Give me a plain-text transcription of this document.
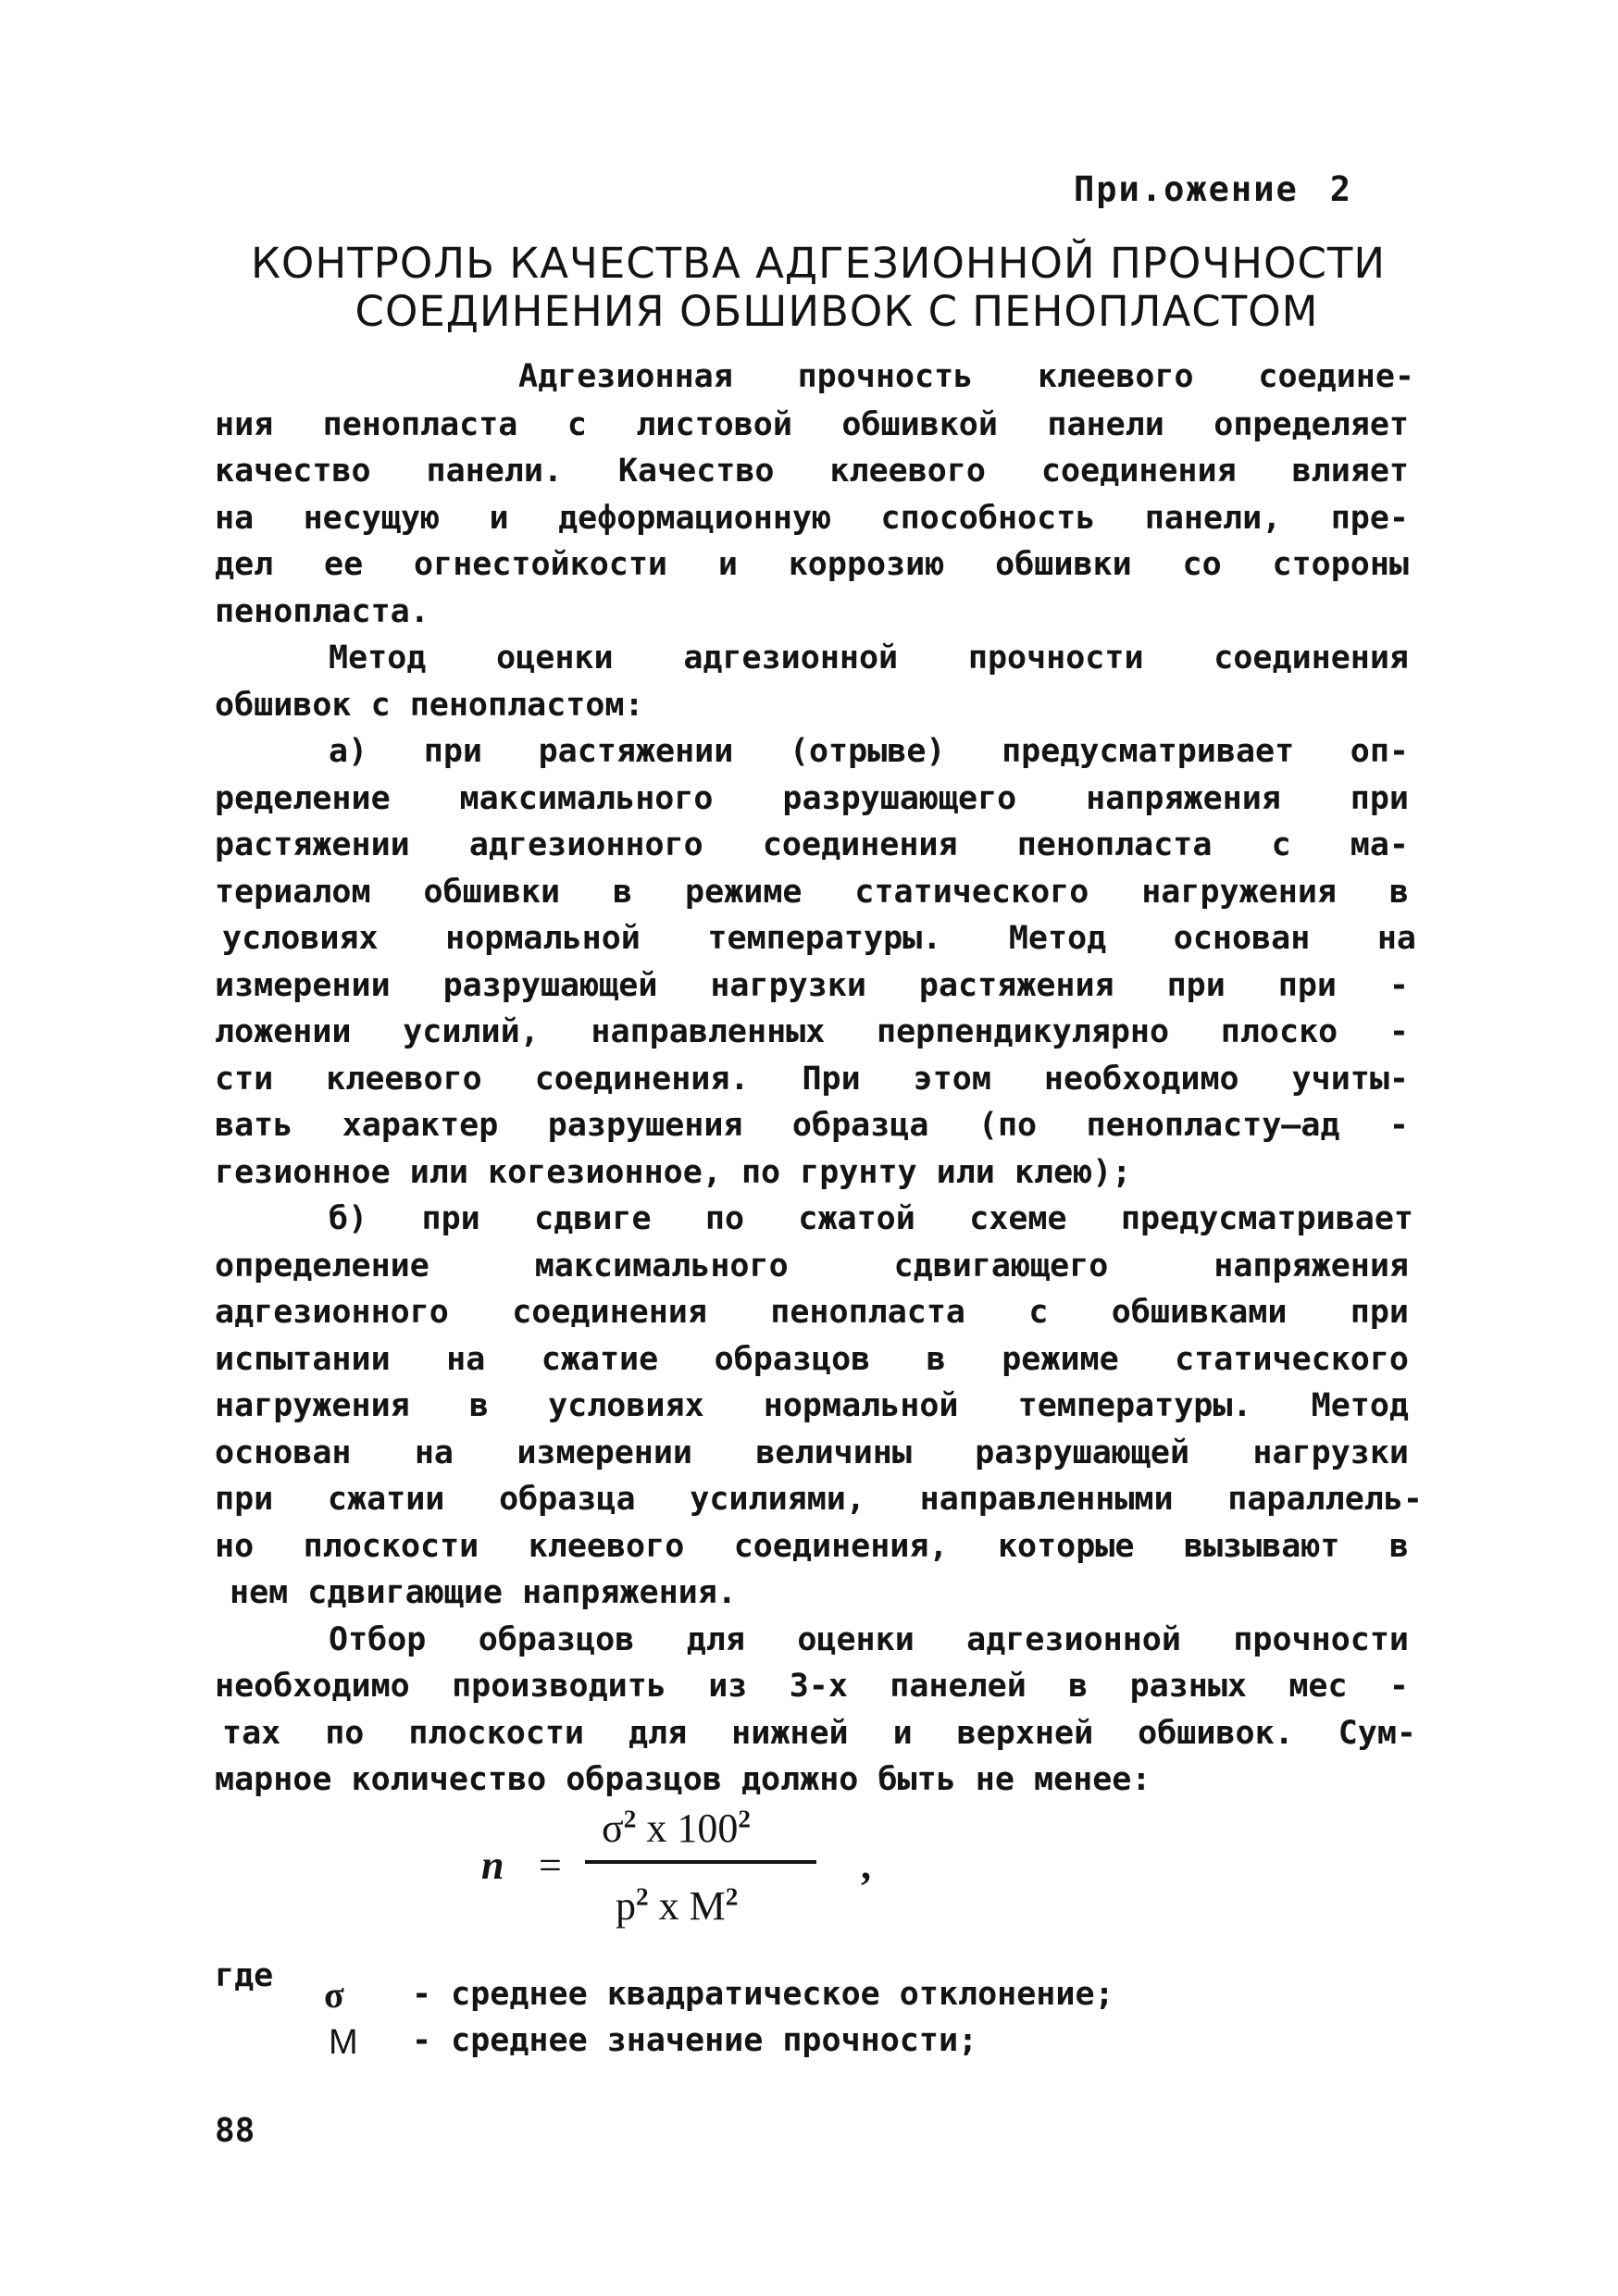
При.ожение 2
КОНТРОЛЬ КАЧЕСТВА АДГЕЗИОННОЙ ПРОЧНОСТИ
СОЕДИНЕНИЯ ОБШИВОК С ПЕНОПЛАСТОМ
Адгезионная прочность клеевого соедине-
ния пенопласта с листовой обшивкой панели определяет
качество панели. Качество клеевого соединения влияет
на несущую и деформационную способность панели, пре-
дел ее огнестойкости и коррозию обшивки со стороны
пенопласта.
Метод оценки адгезионной прочности соединения
обшивок с пенопластом:
а) при растяжении (отрыве) предусматривает оп-
ределение максимального разрушающего напряжения при
растяжении адгезионного соединения пенопласта с ма-
териалом обшивки в режиме статического нагружения в
условиях нормальной температуры. Метод основан на
измерении разрушающей нагрузки растяжения при при -
ложении усилий, направленных перпендикулярно плоско -
сти клеевого соединения. При этом необходимо учиты-
вать характер разрушения образца (по пенопласту—ад -
гезионное или когезионное, по грунту или клею);
б) при сдвиге по сжатой схеме предусматривает
определение максимального сдвигающего напряжения
адгезионного соединения пенопласта с обшивками при
испытании на сжатие образцов в режиме статического
нагружения в условиях нормальной температуры. Метод
основан на измерении величины разрушающей нагрузки
при сжатии образца усилиями, направленными параллель-
но плоскости клеевого соединения, которые вызывают в
нем сдвигающие напряжения.
Отбор образцов для оценки адгезионной прочности
необходимо производить из 3-х панелей в разных мес -
тах по плоскости для нижней и верхней обшивок. Сум-
марное количество образцов должно быть не менее:
n =
$\sigma^2$ x $100^2$
$p^2$ x $M^2$
,
где σ - среднее квадратическое отклонение;
М - среднее значение прочности;
88
